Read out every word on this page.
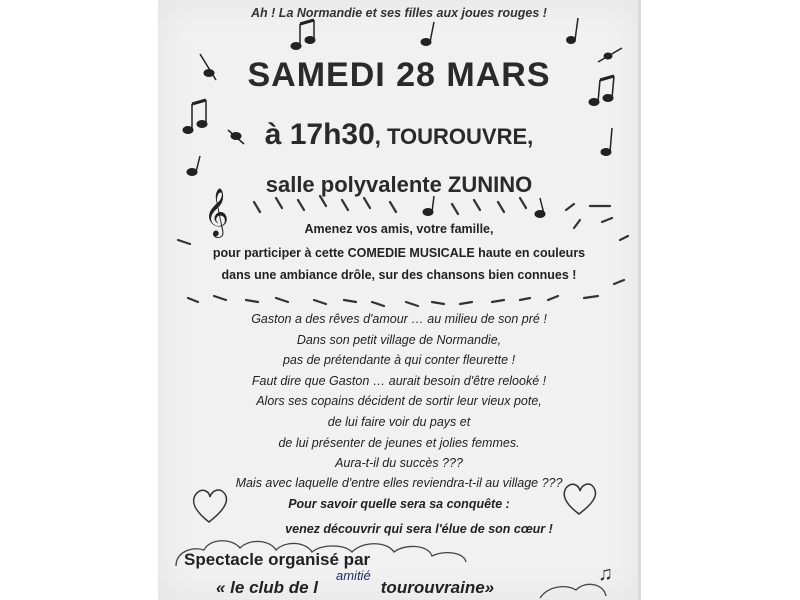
𝄞
♫
Ah ! La Normandie et ses filles aux joues rouges !
SAMEDI 28 MARS
à 17h30, TOUROUVRE,
salle polyvalente ZUNINO
Amenez vos amis, votre famille,
pour participer à cette COMEDIE MUSICALE haute en couleurs
dans une ambiance drôle, sur des chansons bien connues !
Gaston a des rêves d'amour … au milieu de son pré !
Dans son petit village de Normandie,
pas de prétendante à qui conter fleurette !
Faut dire que Gaston … aurait besoin d'être relooké !
Alors ses copains décident de sortir leur vieux pote,
de lui faire voir du pays et
de lui présenter de jeunes et jolies femmes.
Aura-t-il du succès ???
Mais avec laquelle d'entre elles reviendra-t-il au village ???
Pour savoir quelle sera sa conquête :
venez découvrir qui sera l'élue de son cœur !
Spectacle organisé par
« le club de l	tourouvraine»
amitié
